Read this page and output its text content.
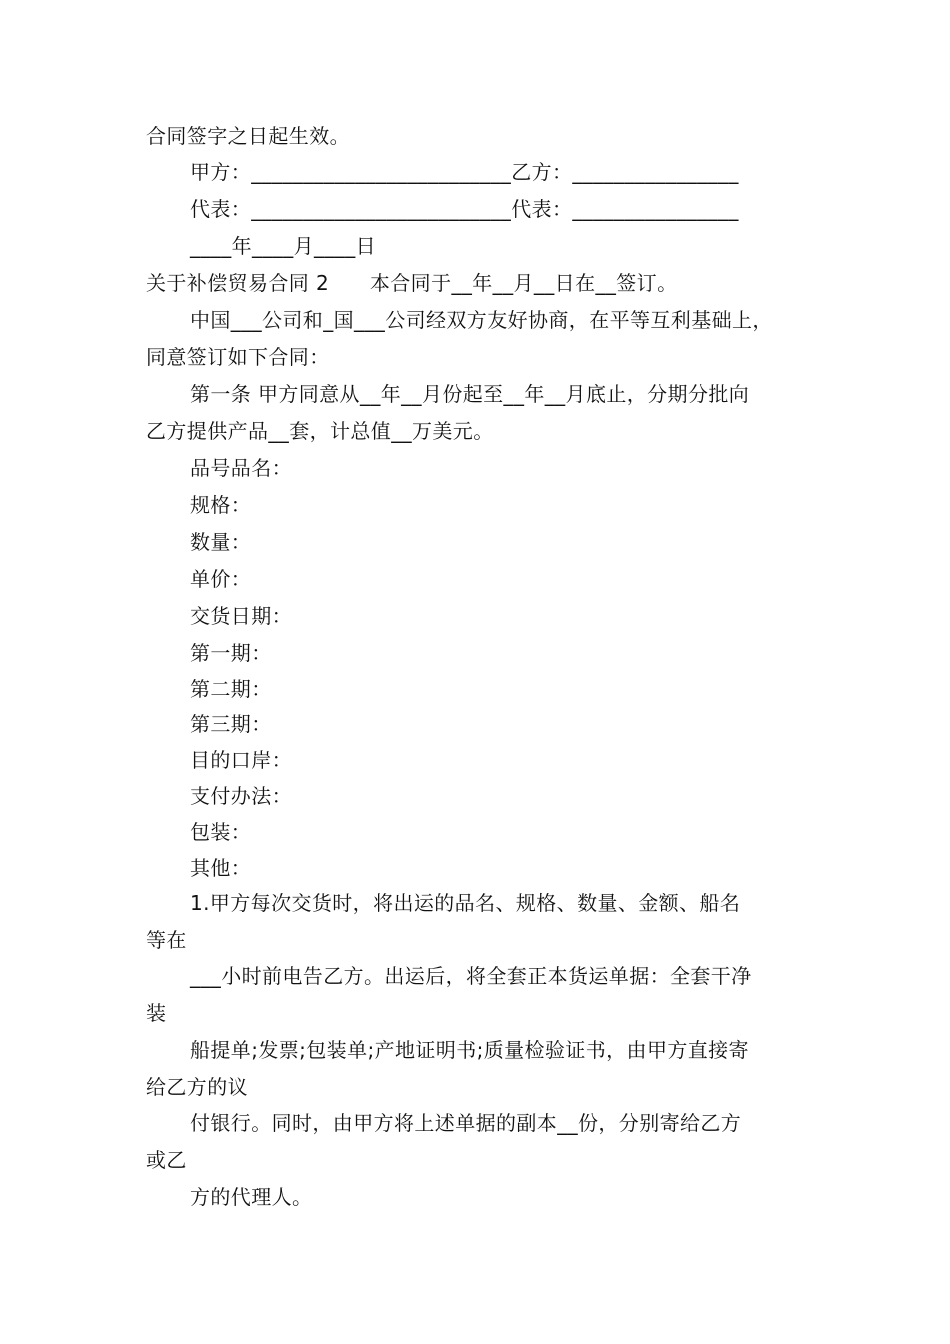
合同签字之日起生效。
甲方：_________________________乙方：________________
代表：_________________________代表：________________
____年____月____日
关于补偿贸易合同 2　　本合同于__年__月__日在__签订。
中国___公司和_国___公司经双方友好协商，在平等互利基础上，
同意签订如下合同：
第一条 甲方同意从__年__月份起至__年__月底止，分期分批向
乙方提供产品__套，计总值__万美元。
品号品名：
规格：
数量：
单价：
交货日期：
第一期：
第二期：
第三期：
目的口岸：
支付办法：
包装：
其他：
1.甲方每次交货时，将出运的品名、规格、数量、金额、船名
等在
___小时前电告乙方。出运后，将全套正本货运单据：全套干净
装
船提单;发票;包装单;产地证明书;质量检验证书，由甲方直接寄
给乙方的议
付银行。同时，由甲方将上述单据的副本__份，分别寄给乙方
或乙
方的代理人。
